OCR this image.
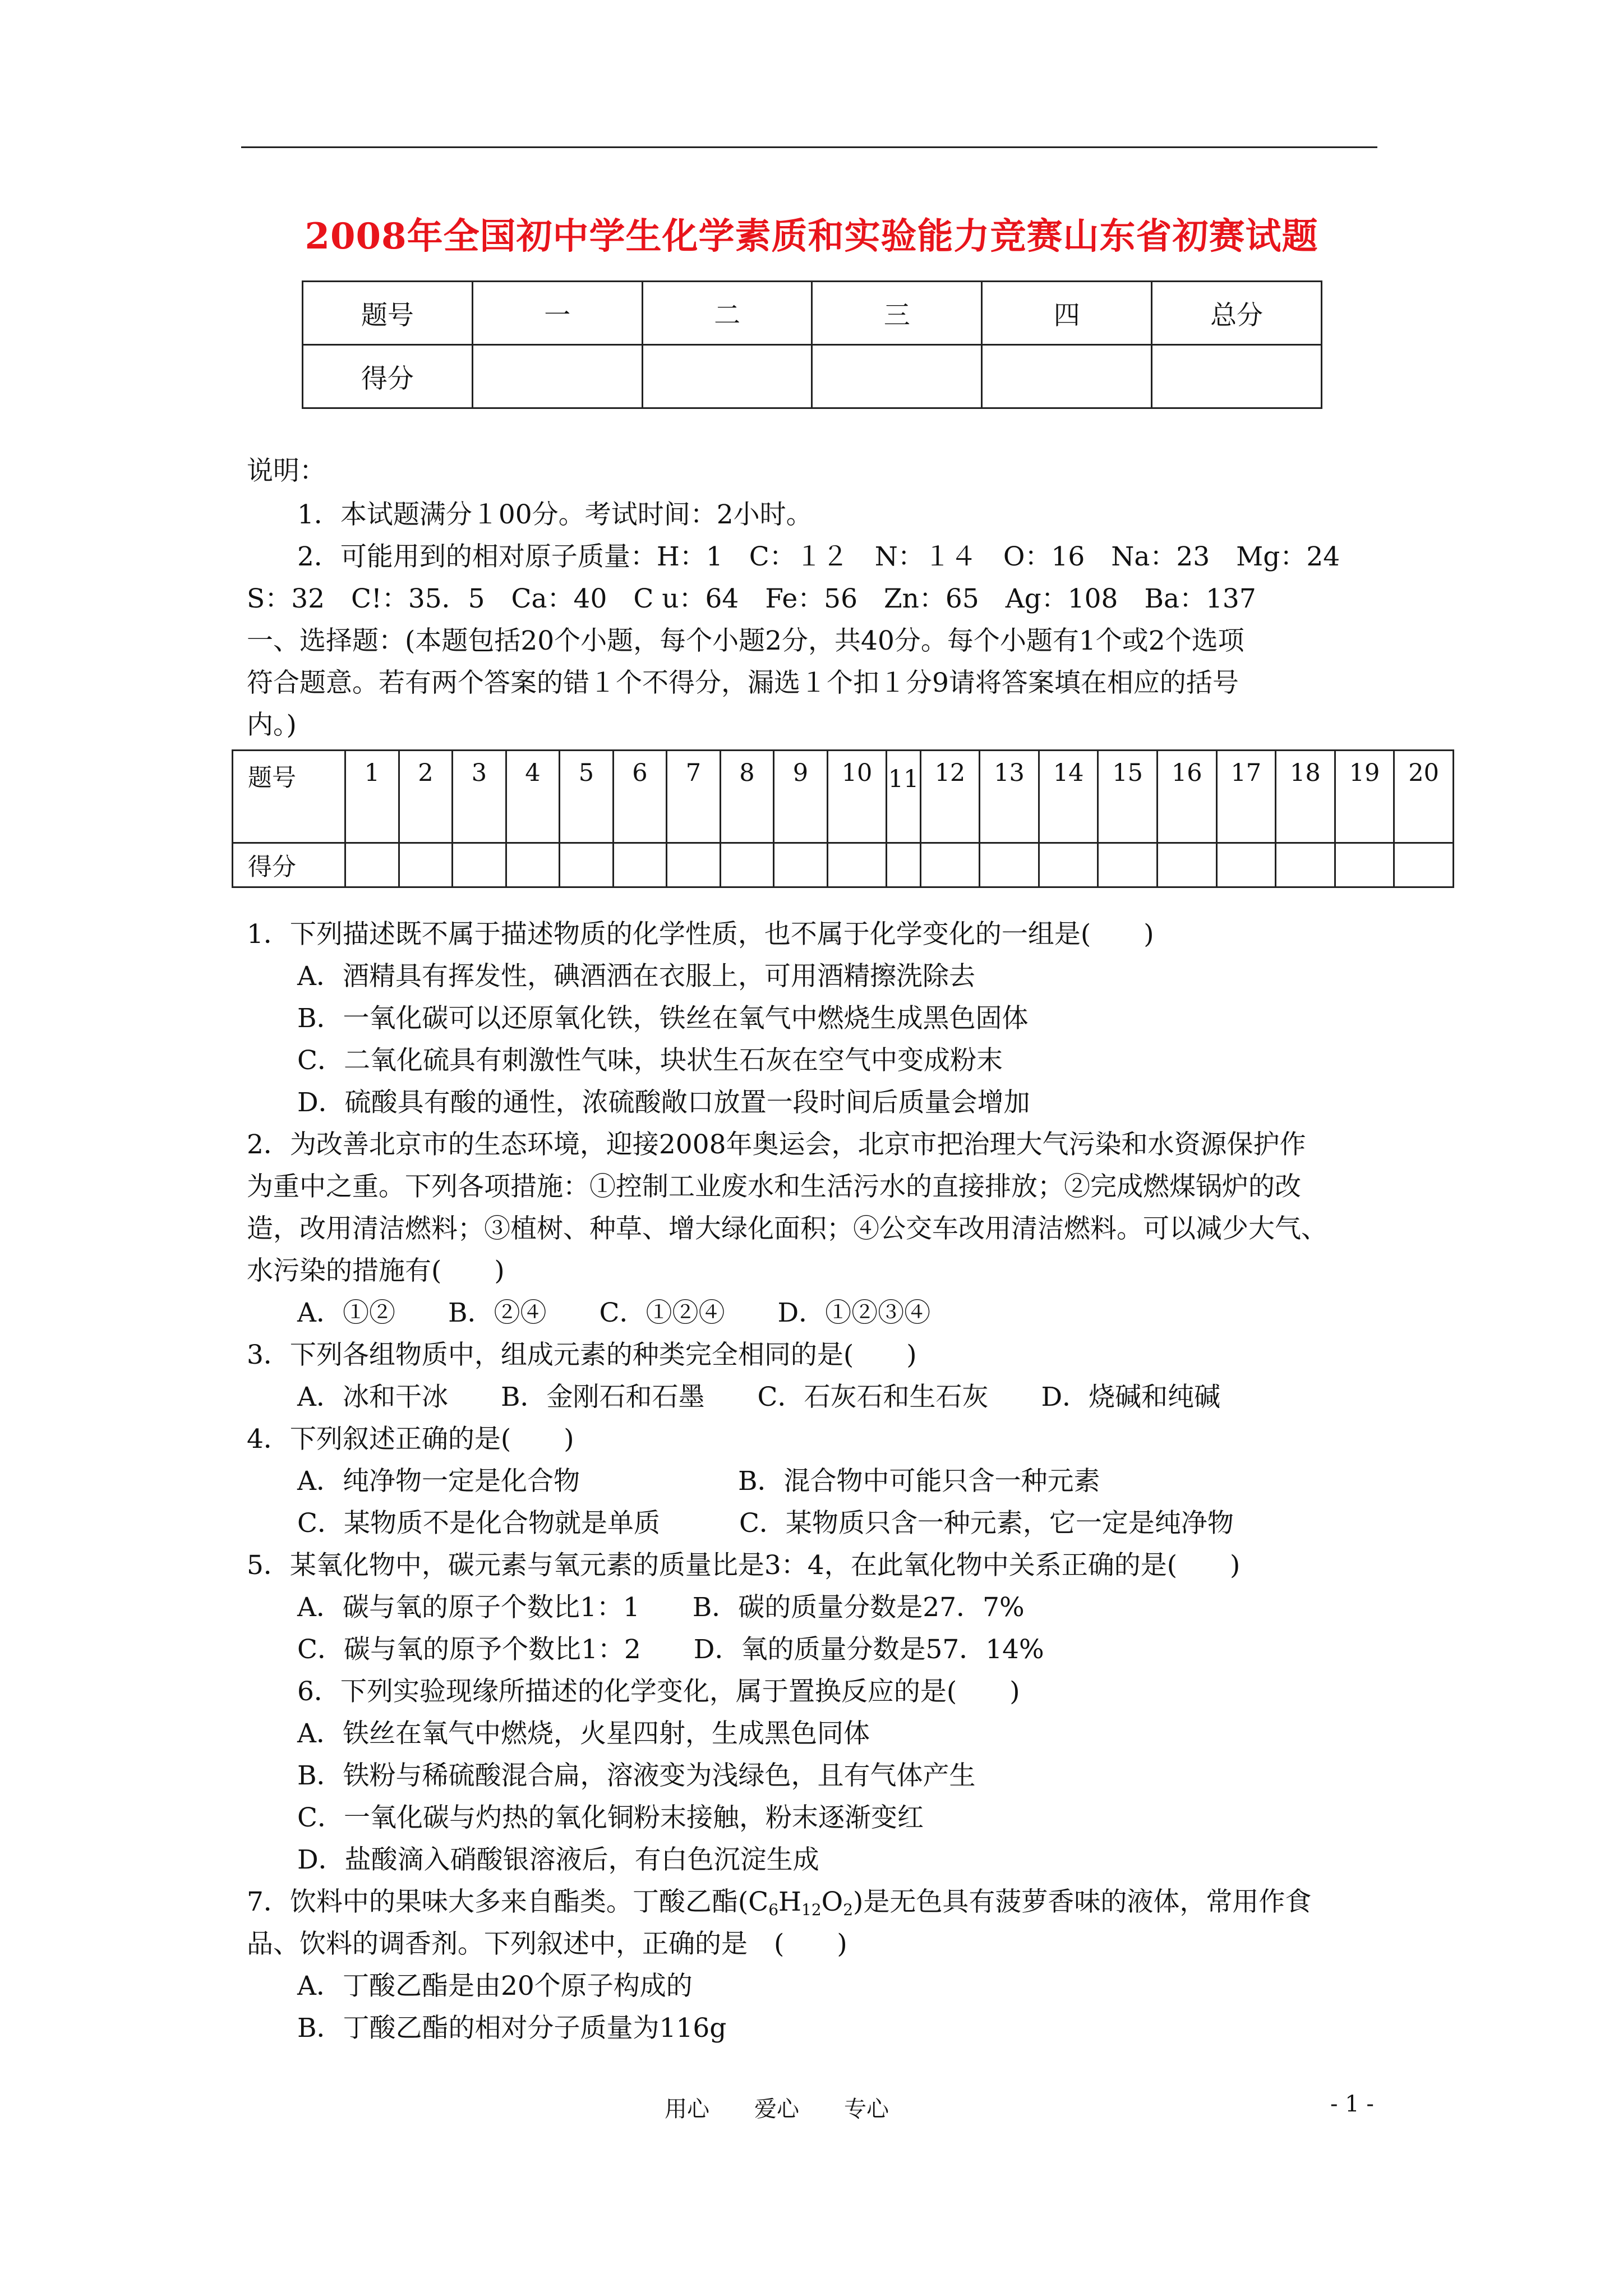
2008年全国初中学生化学素质和实验能力竞赛山东省初赛试题
题号	一	二	三	四	总分
得分					
说明：
1．本试题满分１00分。考试时间：2小时。
2．可能用到的相对原子质量：H：1　C：１２　N：１４　O：16　Na：23　Mg：24
S：32　C!：35．5　Ca：40　C u：64　Fe：56　Zn：65　Ag：108　Ba：137
一、选择题：(本题包括20个小题，每个小题2分，共40分。每个小题有1个或2个选项
符合题意。若有两个答案的错１个不得分，漏选１个扣１分9请将答案填在相应的括号
内。)
题号	1	2	3	4	5	6	7	8	9	10	11	12	13	14	15	16	17	18	19	20
得分																				
1．下列描述既不属于描述物质的化学性质，也不属于化学变化的一组是(　　)
A．酒精具有挥发性，碘酒洒在衣服上，可用酒精擦洗除去
B．一氧化碳可以还原氧化铁，铁丝在氧气中燃烧生成黑色固体
C．二氧化硫具有刺激性气味，块状生石灰在空气中变成粉末
D．硫酸具有酸的通性，浓硫酸敞口放置一段时间后质量会增加
2．为改善北京市的生态环境，迎接2008年奥运会，北京市把治理大气污染和水资源保护作
为重中之重。下列各项措施：①控制工业废水和生活污水的直接排放；②完成燃煤锅炉的改
造，改用清洁燃料；③植树、种草、增大绿化面积；④公交车改用清洁燃料。可以减少大气、
水污染的措施有(　　)
A．①②　　B．②④　　C．①②④　　D．①②③④
3．下列各组物质中，组成元素的种类完全相同的是(　　)
A．冰和干冰　　B．金刚石和石墨　　C．石灰石和生石灰　　D．烧碱和纯碱
4．下列叙述正确的是(　　)
A．纯净物一定是化合物　　　　　　B．混合物中可能只含一种元素
C．某物质不是化合物就是单质　　　C．某物质只含一种元素，它一定是纯净物
5．某氧化物中，碳元素与氧元素的质量比是3：4，在此氧化物中关系正确的是(　　)
A．碳与氧的原子个数比1：1　　B．碳的质量分数是27．7%
C．碳与氧的原予个数比1：2　　D．氧的质量分数是57．14%
6．下列实验现缘所描述的化学变化，属于置换反应的是(　　)
A．铁丝在氧气中燃烧，火星四射，生成黑色同体
B．铁粉与稀硫酸混合扁，溶液变为浅绿色，且有气体产生
C．一氧化碳与灼热的氧化铜粉末接触，粉末逐渐变红
D．盐酸滴入硝酸银溶液后，有白色沉淀生成
7．饮料中的果味大多来自酯类。丁酸乙酯$(C_6H_{12}O_2)$是无色具有菠萝香味的液体，常用作食
品、饮料的调香剂。下列叙述中，正确的是　(　　)
A．丁酸乙酯是由20个原子构成的
B．丁酸乙酯的相对分子质量为116g
用心　　爱心　　专心	- 1 -
